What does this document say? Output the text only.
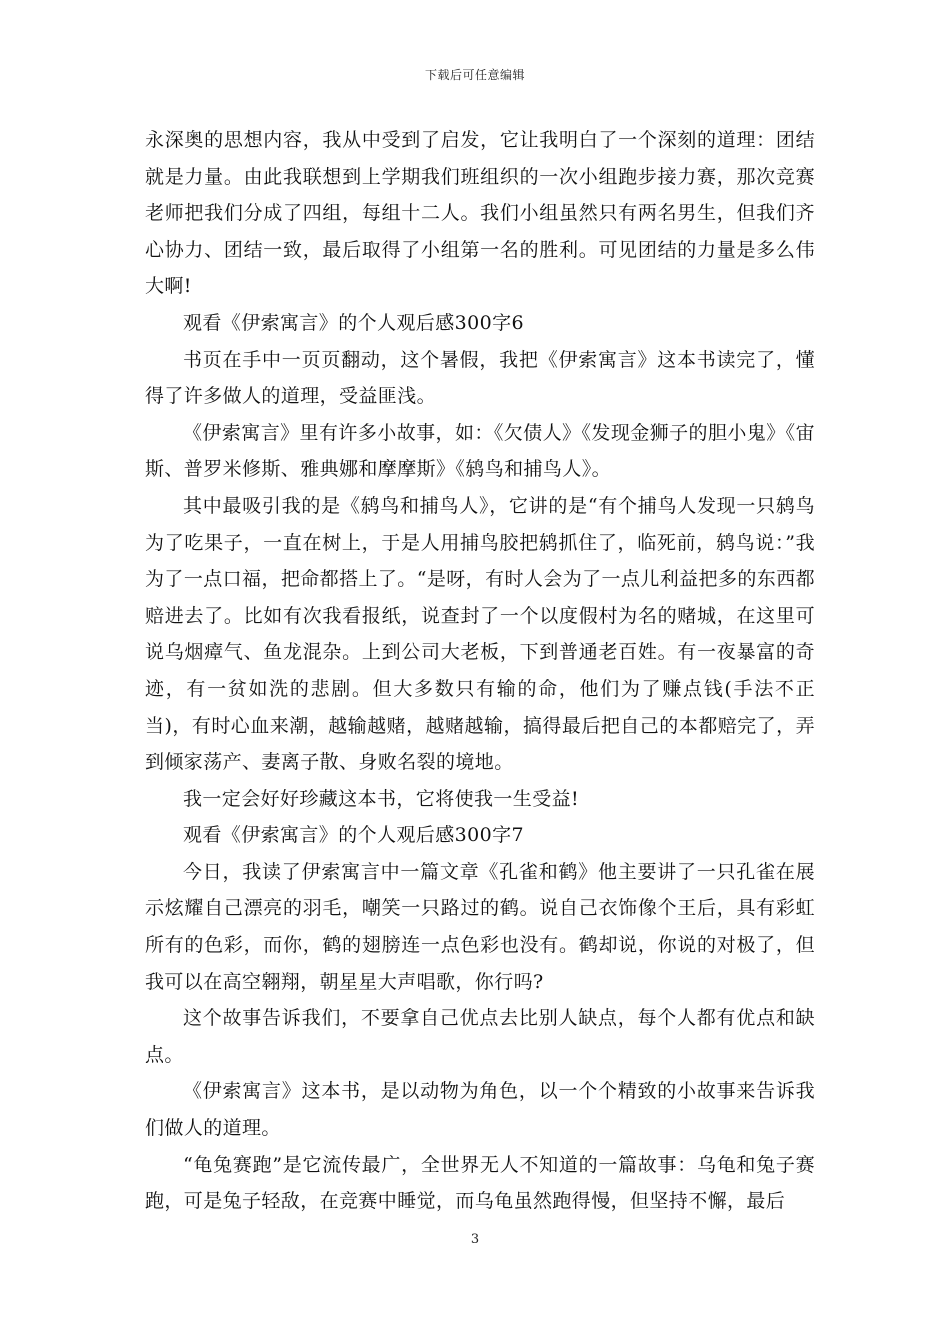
下载后可任意编辑

永深奥的思想内容，我从中受到了启发，它让我明白了一个深刻的道理：团结就是力量。由此我联想到上学期我们班组织的一次小组跑步接力赛，那次竞赛老师把我们分成了四组，每组十二人。我们小组虽然只有两名男生，但我们齐心协力、团结一致，最后取得了小组第一名的胜利。可见团结的力量是多么伟大啊!

观看《伊索寓言》的个人观后感300字6

书页在手中一页页翻动，这个暑假，我把《伊索寓言》这本书读完了，懂得了许多做人的道理，受益匪浅。

《伊索寓言》里有许多小故事，如：《欠债人》《发现金狮子的胆小鬼》《宙斯、普罗米修斯、雅典娜和摩摩斯》《鸫鸟和捕鸟人》。

其中最吸引我的是《鸫鸟和捕鸟人》，它讲的是“有个捕鸟人发现一只鸫鸟为了吃果子，一直在树上，于是人用捕鸟胶把鸫抓住了，临死前，鸫鸟说：”我为了一点口福，把命都搭上了。“是呀，有时人会为了一点儿利益把多的东西都赔进去了。比如有次我看报纸，说查封了一个以度假村为名的赌城，在这里可说乌烟瘴气、鱼龙混杂。上到公司大老板，下到普通老百姓。有一夜暴富的奇迹，有一贫如洗的悲剧。但大多数只有输的命，他们为了赚点钱(手法不正当)，有时心血来潮，越输越赌，越赌越输，搞得最后把自己的本都赔完了，弄到倾家荡产、妻离子散、身败名裂的境地。

我一定会好好珍藏这本书，它将使我一生受益!

观看《伊索寓言》的个人观后感300字7

今日，我读了伊索寓言中一篇文章《孔雀和鹤》他主要讲了一只孔雀在展示炫耀自己漂亮的羽毛，嘲笑一只路过的鹤。说自己衣饰像个王后，具有彩虹所有的色彩，而你，鹤的翅膀连一点色彩也没有。鹤却说，你说的对极了，但我可以在高空翱翔，朝星星大声唱歌，你行吗?

这个故事告诉我们，不要拿自己优点去比别人缺点，每个人都有优点和缺点。

《伊索寓言》这本书，是以动物为角色，以一个个精致的小故事来告诉我们做人的道理。

“龟兔赛跑”是它流传最广，全世界无人不知道的一篇故事：乌龟和兔子赛跑，可是兔子轻敌，在竞赛中睡觉，而乌龟虽然跑得慢，但坚持不懈，最后

3
